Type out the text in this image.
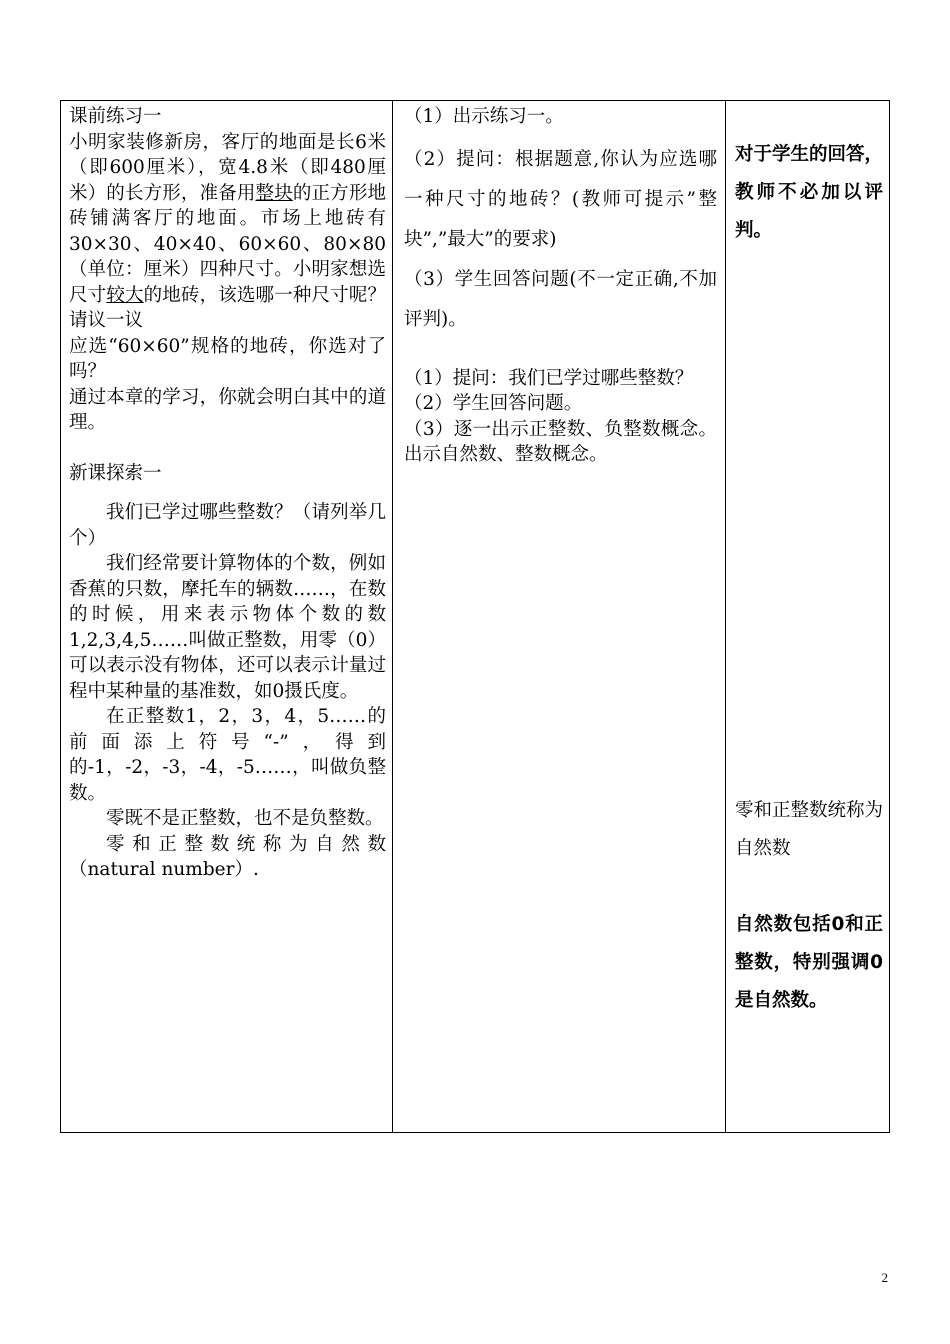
课前练习一

小明家装修新房，客厅的地面是长6米（即600厘米），宽4.8米（即480厘米）的长方形，准备用整块的正方形地砖铺满客厅的地面。市场上地砖有30×30、40×40、60×60、80×80（单位：厘米）四种尺寸。小明家想选尺寸较大的地砖，该选哪一种尺寸呢？请议一议

应选“60×60”规格的地砖，你选对了吗？

通过本章的学习，你就会明白其中的道理。

新课探索一

我们已学过哪些整数？（请列举几个）

我们经常要计算物体的个数，例如香蕉的只数，摩托车的辆数……，在数的时候，用来表示物体个数的数1,2,3,4,5……叫做正整数，用零（0）可以表示没有物体，还可以表示计量过程中某种量的基准数，如0摄氏度。

在正整数1，2，3，4，5……的前面添上符号“-”，得到的-1，-2，-3，-4，-5……，叫做负整数。

零既不是正整数，也不是负整数。

零和正整数统称为自然数（natural number）.

（1）出示练习一。

（2）提问：根据题意,你认为应选哪一种尺寸的地砖？(教师可提示”整块”,”最大”的要求)

（3）学生回答问题(不一定正确,不加评判)。

（1）提问：我们已学过哪些整数？

（2）学生回答问题。

（3）逐一出示正整数、负整数概念。出示自然数、整数概念。

对于学生的回答，教师不必加以评判。

零和正整数统称为自然数

自然数包括0和正整数，特别强调0是自然数。

2
